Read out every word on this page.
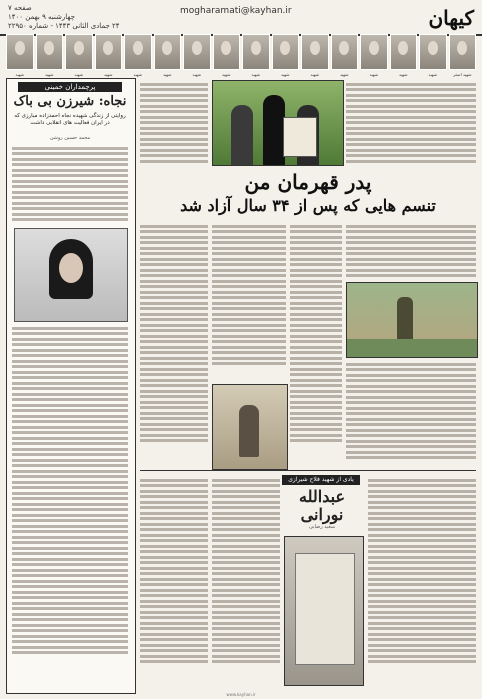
کیهان
mogharamati@kayhan.ir
صفحه ۷
چهارشنبه ۹ بهمن ۱۴۰۰
۲۴ جمادی الثانی ۱۴۴۳ - شماره ۲۲۹۵۰
شهید اصغر
شهید
شهید
شهید
شهید
شهید
شهید
شهید
شهید
شهید
شهید
شهید
شهید
شهید
شهید
شهید
پرچمداران خمینی
نجاه: شیرزن بی باک
روایتی از زندگی شهیده نجاه احمدزاده مبارزی که در ایران فعالیت های انقلابی داشت
محمد حسین روشن
پدر قهرمان من
تنسم هایی که پس از ۳۴ سال آزاد شد
یادی از شهید فلاح شیرازی
عبدالله نورانی
سعید رضایی
www.kayhan.ir
